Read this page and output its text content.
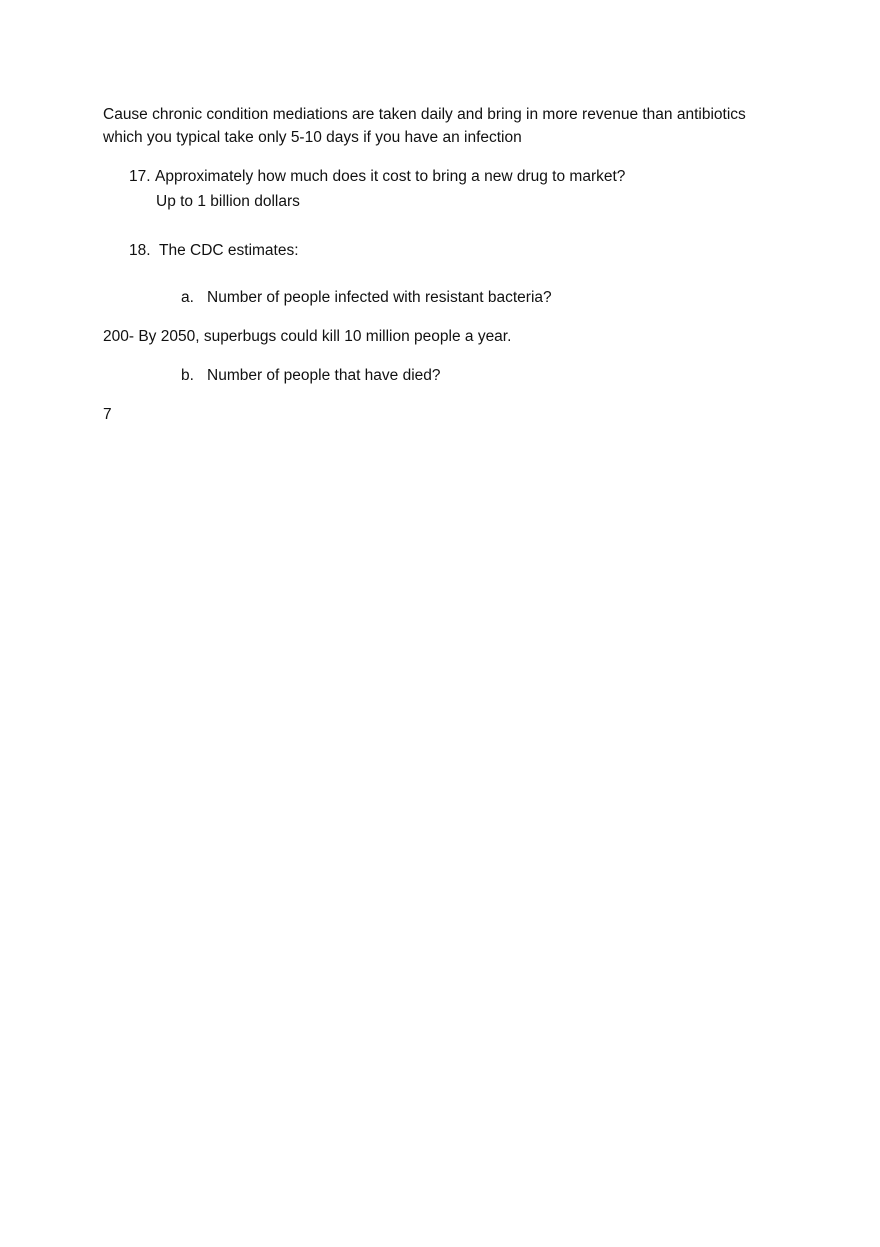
Cause chronic condition mediations are taken daily and bring in more revenue than antibiotics
which you typical take only 5-10 days if you have an infection
17. Approximately how much does it cost to bring a new drug to market?
Up to 1 billion dollars
18. The CDC estimates:
a. Number of people infected with resistant bacteria?
200- By 2050, superbugs could kill 10 million people a year.
b. Number of people that have died?
7
